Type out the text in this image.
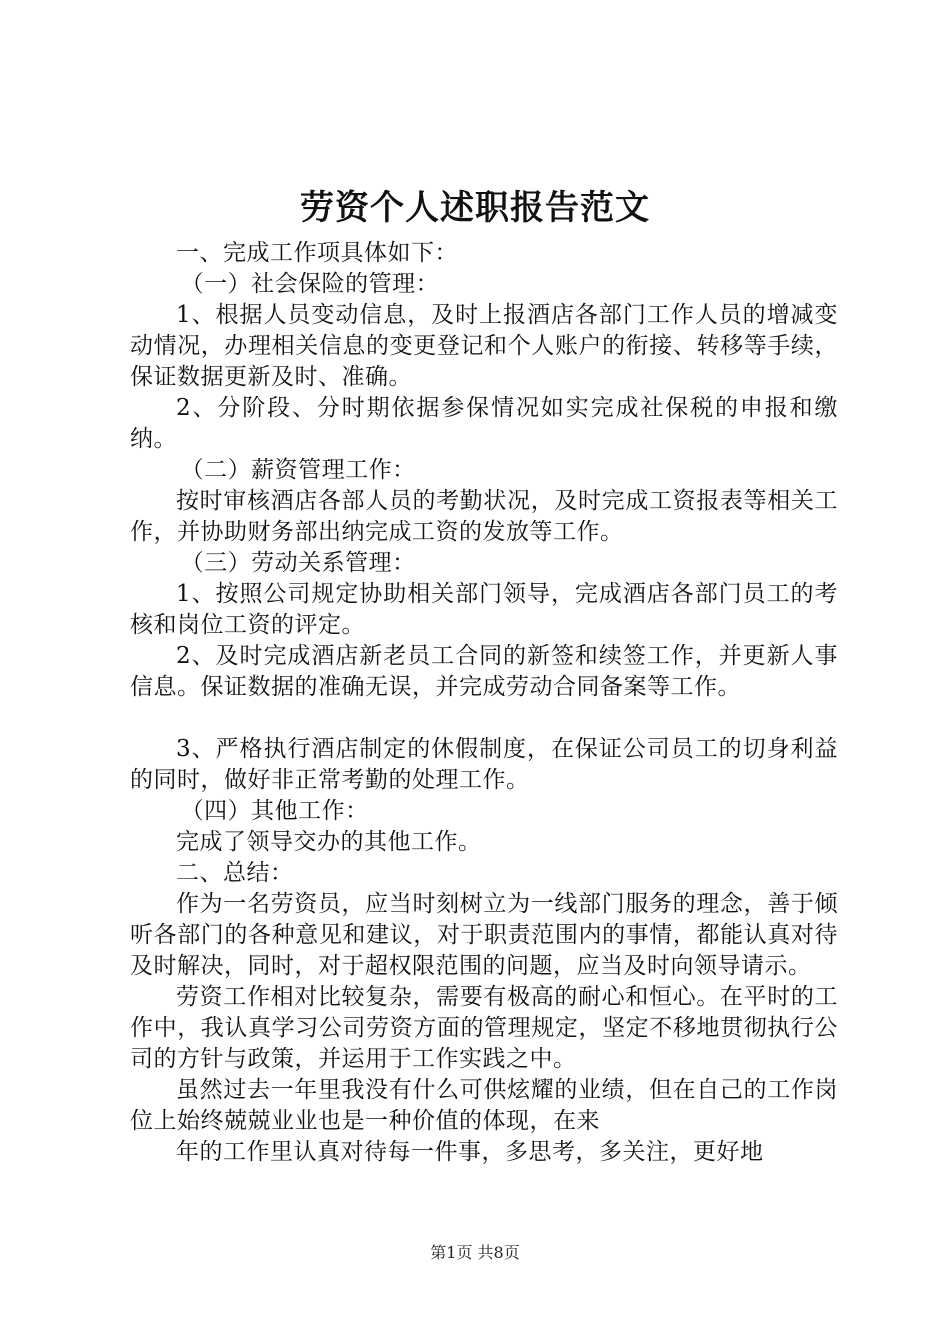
劳资个人述职报告范文

一、完成工作项具体如下：

（一）社会保险的管理：

1、根据人员变动信息，及时上报酒店各部门工作人员的增减变动情况，办理相关信息的变更登记和个人账户的衔接、转移等手续，保证数据更新及时、准确。

2、分阶段、分时期依据参保情况如实完成社保税的申报和缴纳。

（二）薪资管理工作：

按时审核酒店各部人员的考勤状况，及时完成工资报表等相关工作，并协助财务部出纳完成工资的发放等工作。

（三）劳动关系管理：

1、按照公司规定协助相关部门领导，完成酒店各部门员工的考核和岗位工资的评定。

2、及时完成酒店新老员工合同的新签和续签工作，并更新人事信息。保证数据的准确无误，并完成劳动合同备案等工作。

3、严格执行酒店制定的休假制度，在保证公司员工的切身利益的同时，做好非正常考勤的处理工作。

（四）其他工作：

完成了领导交办的其他工作。

二、总结：

作为一名劳资员，应当时刻树立为一线部门服务的理念，善于倾听各部门的各种意见和建议，对于职责范围内的事情，都能认真对待及时解决，同时，对于超权限范围的问题，应当及时向领导请示。

劳资工作相对比较复杂，需要有极高的耐心和恒心。在平时的工作中，我认真学习公司劳资方面的管理规定，坚定不移地贯彻执行公司的方针与政策，并运用于工作实践之中。

虽然过去一年里我没有什么可供炫耀的业绩，但在自己的工作岗位上始终兢兢业业也是一种价值的体现，在来

年的工作里认真对待每一件事，多思考，多关注，更好地

第1页 共8页
